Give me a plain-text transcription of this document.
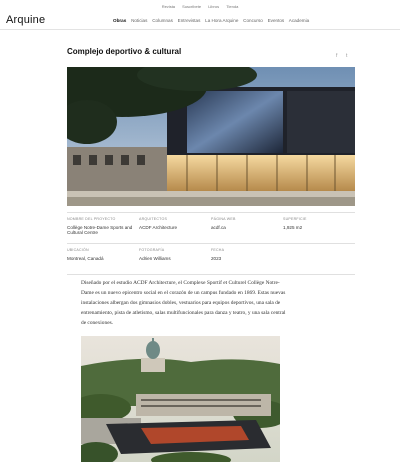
Revista Suscribete Libros Tienda
Arquine	Obras Noticias Columnas Entrevistas La Hora Arquine Concurso Eventos Academia
Complejo deportivo & cultural	f t
NOMBRE DEL PROYECTO
Collège Notre-Dame Sports and Cultural Centre
ARQUITECTOS
ACDF Architecture
PÁGINA WEB
acdf.ca
SUPERFICIE
1,925 m2
UBICACIÓN
Montreal, Canadá
FOTOGRAFÍA
Adrien Williams
FECHA
2023

Diseñado por el estudio ACDF Architecture, el Complexe Sportif et Culturel Collège Notre-Dame es un nuevo epicentro social en el corazón de un campus fundado en 1869. Estas nuevas instalaciones albergan dos gimnasios dobles, vestuarios para equipos deportivos, una sala de entrenamiento, pista de atletismo, salas multifuncionales para danza y teatro, y una sala central de conexiones.
